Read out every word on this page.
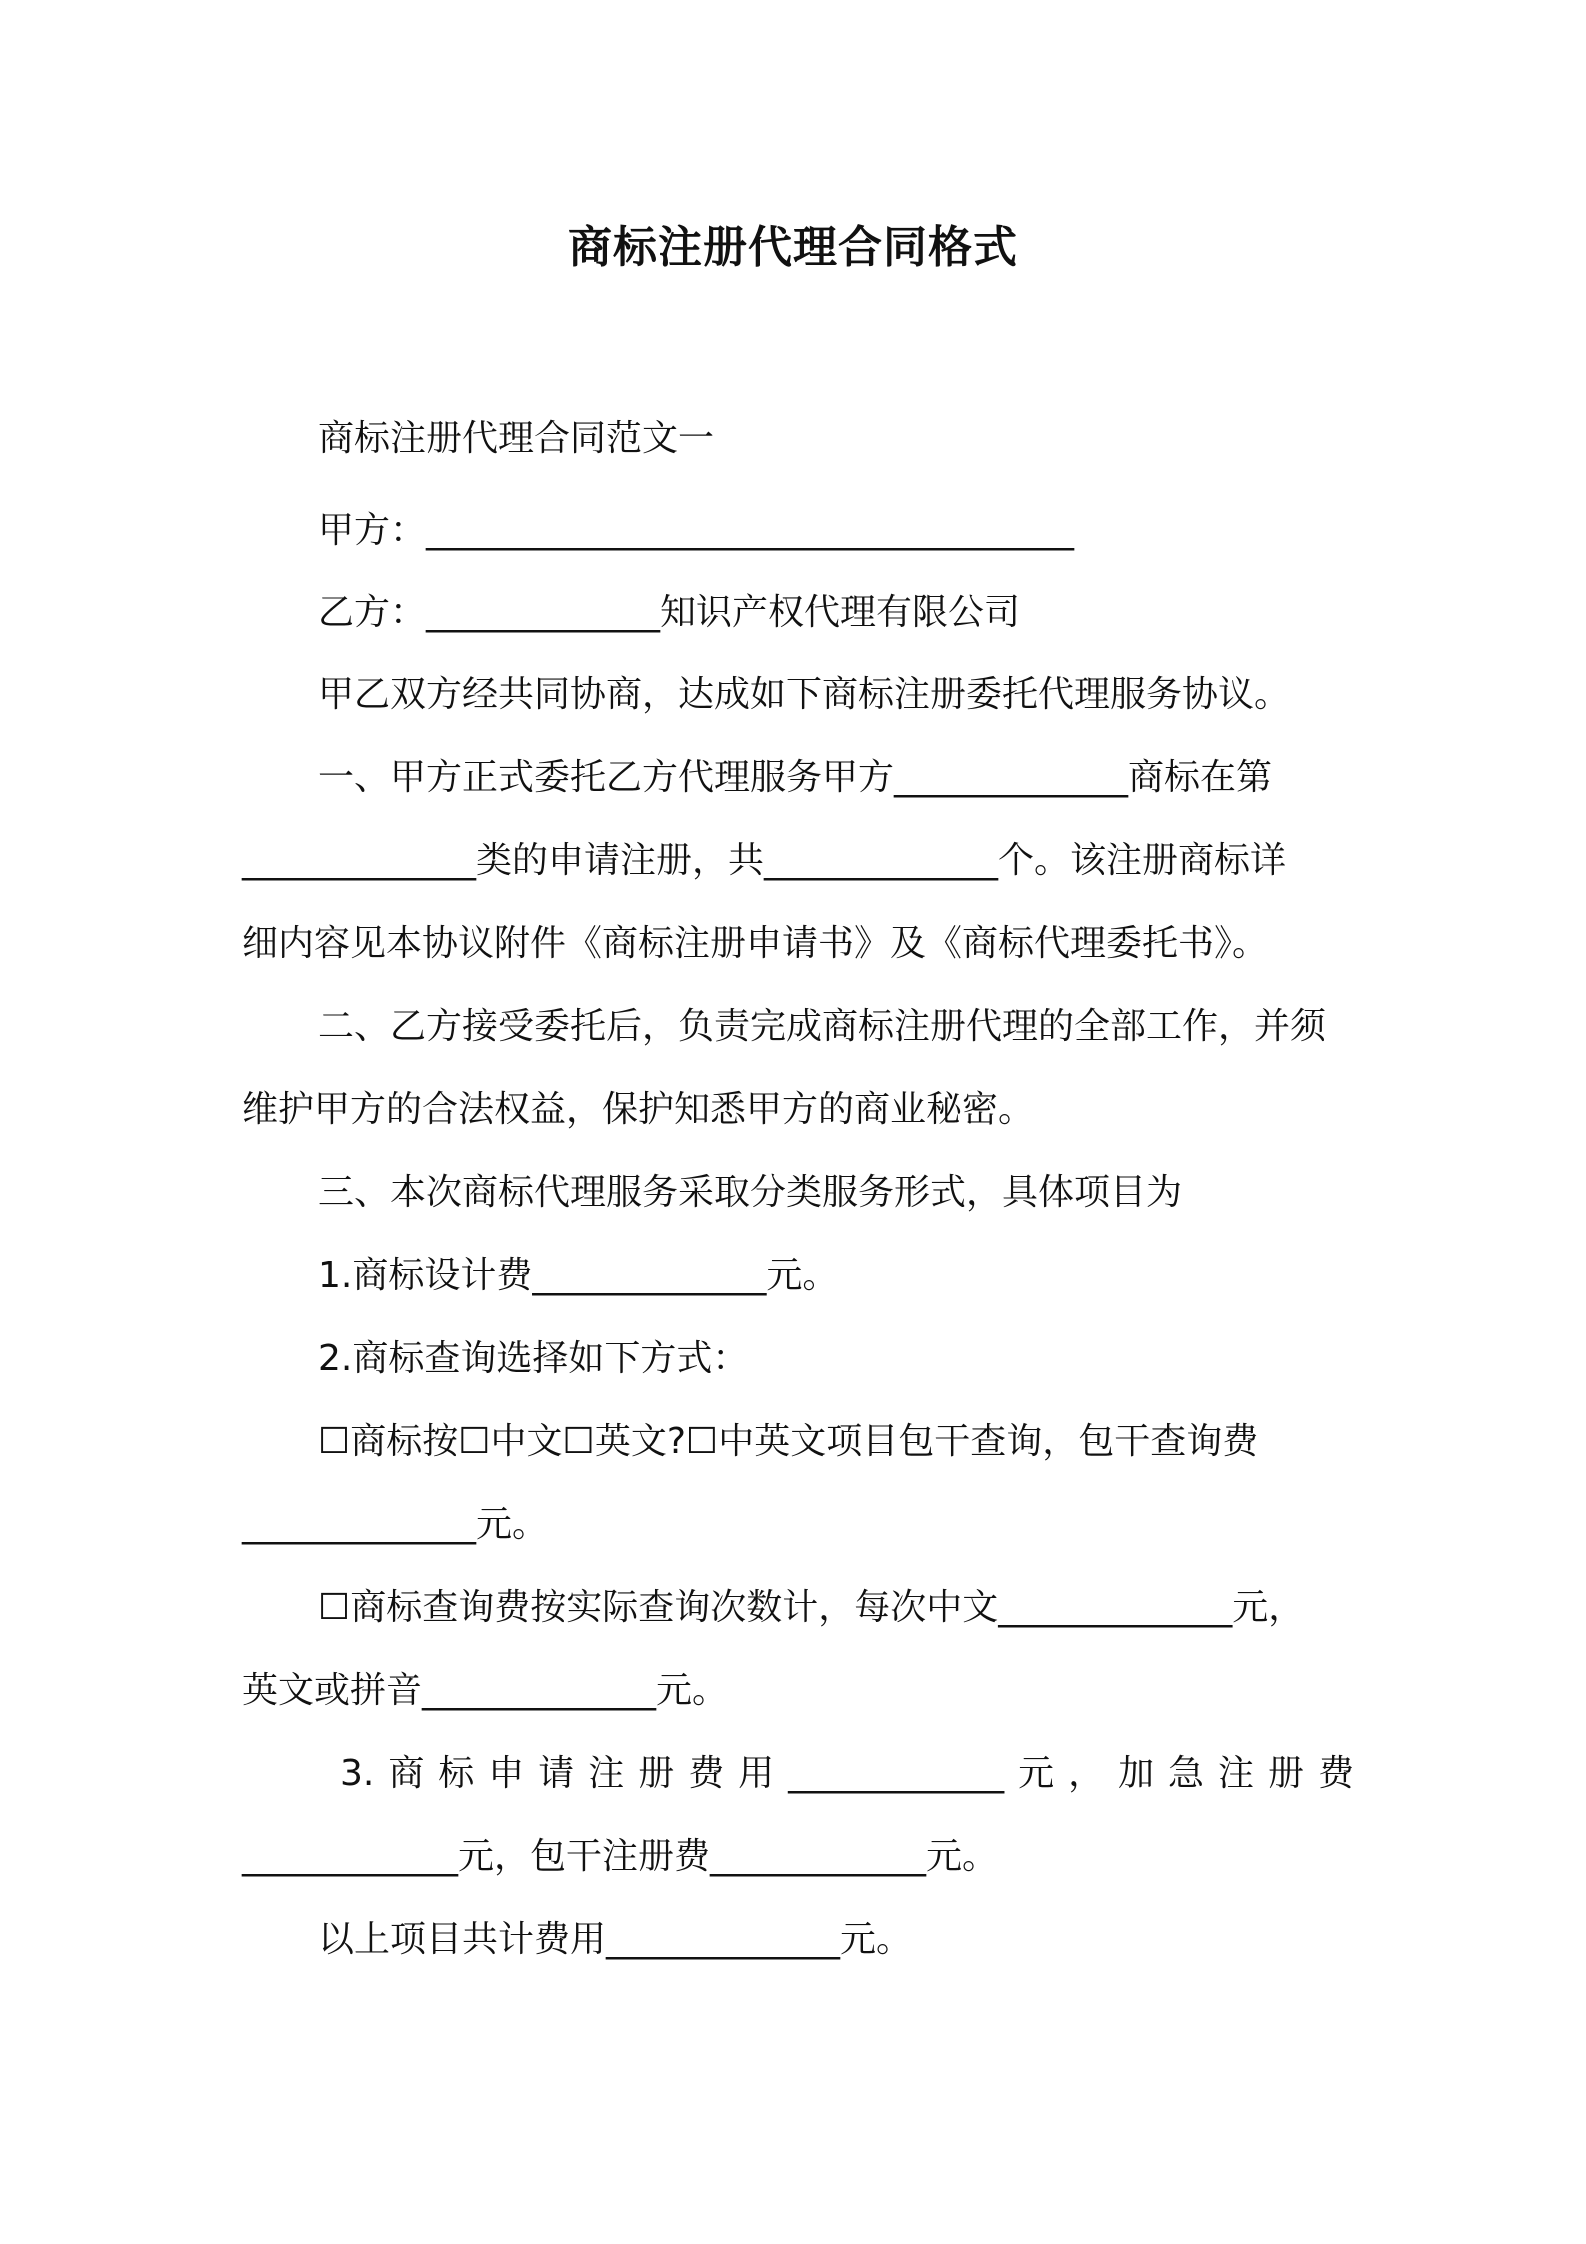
商标注册代理合同格式
商标注册代理合同范文一
甲方：____________________________________
乙方：_____________知识产权代理有限公司
甲乙双方经共同协商，达成如下商标注册委托代理服务协议。
一、甲方正式委托乙方代理服务甲方_____________商标在第
_____________类的申请注册，共_____________个。该注册商标详
细内容见本协议附件《商标注册申请书》及《商标代理委托书》。
二、乙方接受委托后，负责完成商标注册代理的全部工作，并须
维护甲方的合法权益，保护知悉甲方的商业秘密。
三、本次商标代理服务采取分类服务形式，具体项目为
1.商标设计费_____________元。
2.商标查询选择如下方式：
☐商标按☐中文☐英文?☐中英文项目包干查询，包干查询费
_____________元。
☐商标查询费按实际查询次数计，每次中文_____________元，
英文或拼音_____________元。
3.商标申请注册费用____________元，加急注册费
____________元，包干注册费____________元。
以上项目共计费用_____________元。
